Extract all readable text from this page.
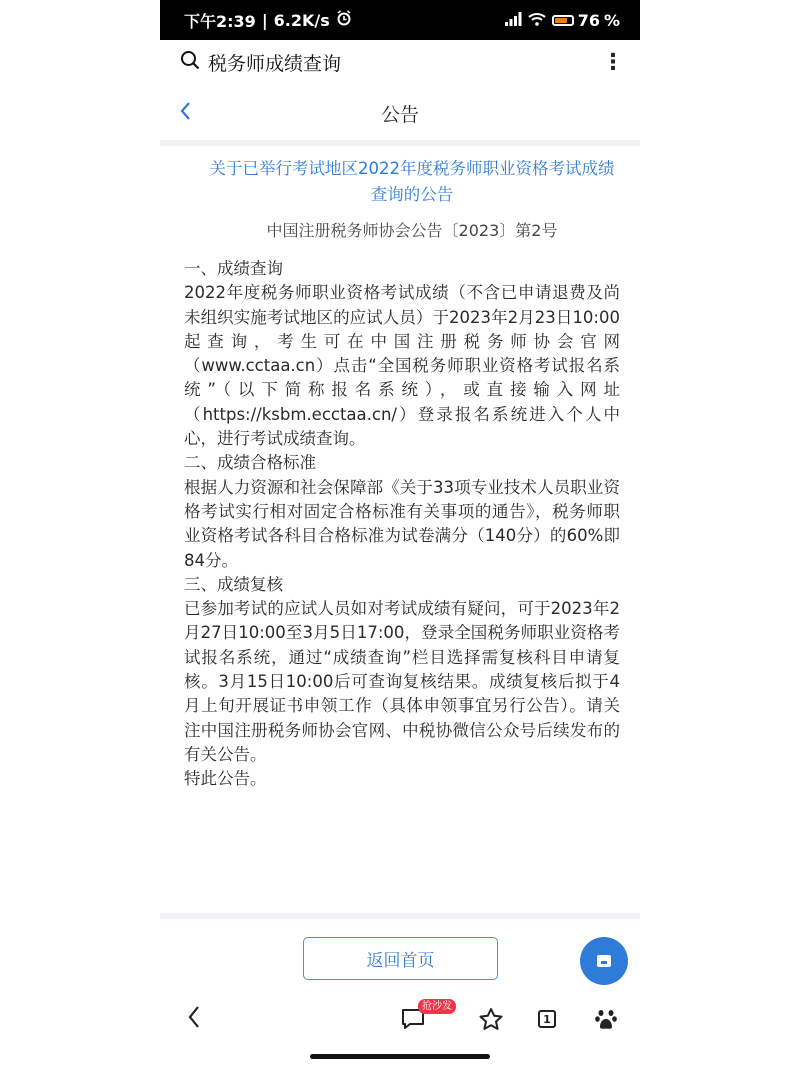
下午2:39 | 6.2K/s	76 %
税务师成绩查询	⋮
公告
关于已举行考试地区2022年度税务师职业资格考试成绩查询的公告
中国注册税务师协会公告〔2023〕第2号

一、成绩查询

2022年度税务师职业资格考试成绩（不含已申请退费及尚未组织实施考试地区的应试人员）于2023年2月23日10:00起查询，考生可在中国注册税务师协会官网（www.cctaa.cn）点击“全国税务师职业资格考试报名系统”（以下简称报名系统），或直接输入网址（https://ksbm.ecctaa.cn/）登录报名系统进入个人中心，进行考试成绩查询。

二、成绩合格标准

根据人力资源和社会保障部《关于33项专业技术人员职业资格考试实行相对固定合格标准有关事项的通告》，税务师职业资格考试各科目合格标准为试卷满分（140分）的60%即84分。

三、成绩复核

已参加考试的应试人员如对考试成绩有疑问，可于2023年2月27日10:00至3月5日17:00，登录全国税务师职业资格考试报名系统，通过“成绩查询”栏目选择需复核科目申请复核。3月15日10:00后可查询复核结果。成绩复核后拟于4月上旬开展证书申领工作（具体申领事宜另行公告）。请关注中国注册税务师协会官网、中税协微信公众号后续发布的有关公告。

特此公告。

返回首页
抢沙发
1
